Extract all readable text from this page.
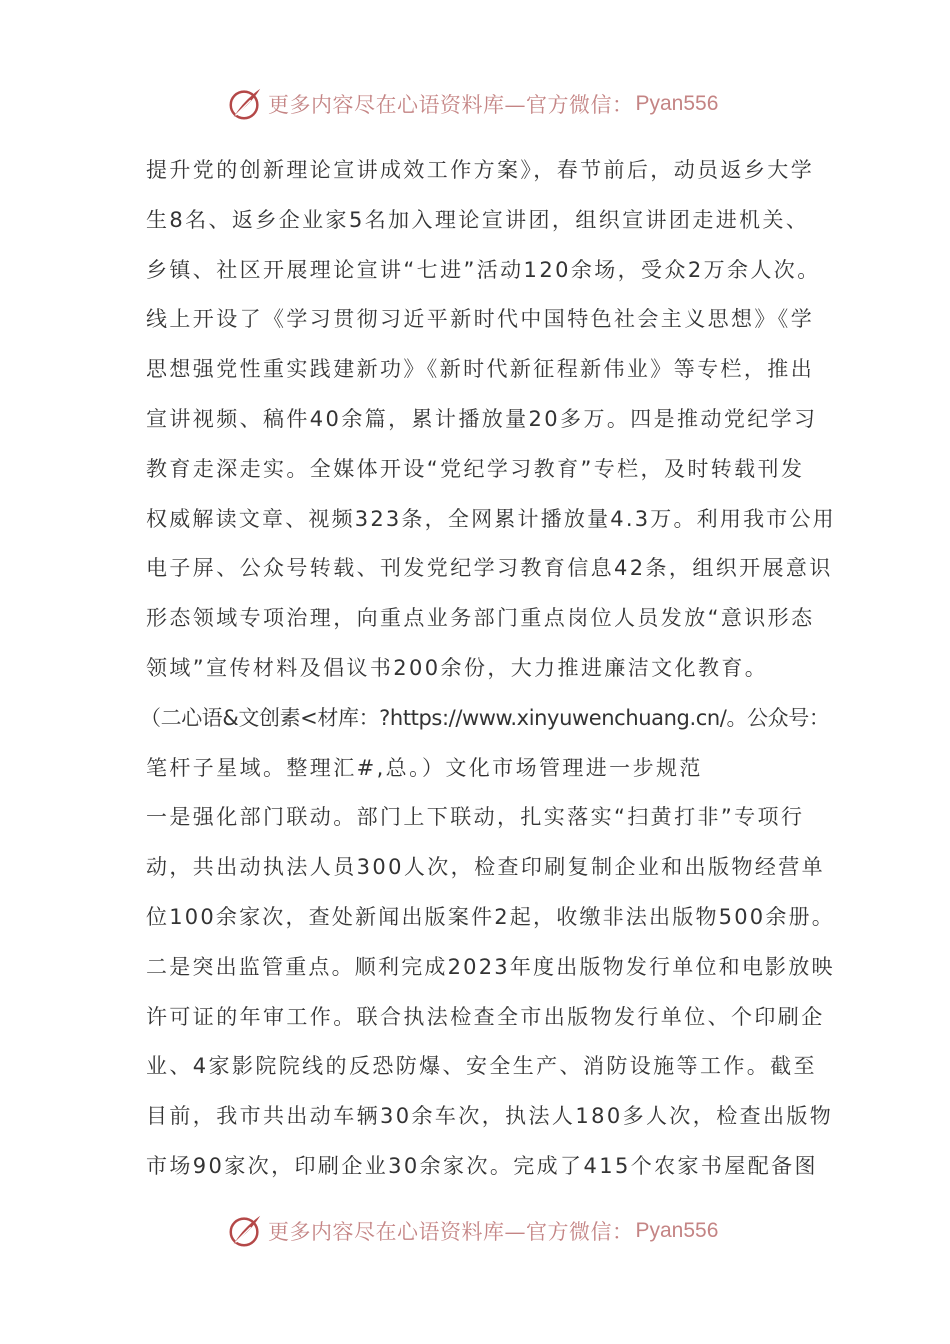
更多内容尽在心语资料库—官方微信： Pyan556
提升党的创新理论宣讲成效工作方案》，春节前后，动员返乡大学
生8名、返乡企业家5名加入理论宣讲团，组织宣讲团走进机关、
乡镇、社区开展理论宣讲“七进”活动120余场，受众2万余人次。
线上开设了《学习贯彻习近平新时代中国特色社会主义思想》《学
思想强党性重实践建新功》《新时代新征程新伟业》等专栏，推出
宣讲视频、稿件40余篇，累计播放量20多万。四是推动党纪学习
教育走深走实。全媒体开设“党纪学习教育”专栏，及时转载刊发
权威解读文章、视频323条，全网累计播放量4.3万。利用我市公用
电子屏、公众号转载、刊发党纪学习教育信息42条，组织开展意识
形态领域专项治理，向重点业务部门重点岗位人员发放“意识形态
领域”宣传材料及倡议书200余份，大力推进廉洁文化教育。
（二心语&文创素<材库：?https://www.xinyuwenchuang.cn/。公众号：
笔杆子星域。整理汇#,总。）文化市场管理进一步规范
一是强化部门联动。部门上下联动，扎实落实“扫黄打非”专项行
动，共出动执法人员300人次，检查印刷复制企业和出版物经营单
位100余家次，查处新闻出版案件2起，收缴非法出版物500余册。
二是突出监管重点。顺利完成2023年度出版物发行单位和电影放映
许可证的年审工作。联合执法检查全市出版物发行单位、个印刷企
业、4家影院院线的反恐防爆、安全生产、消防设施等工作。截至
目前，我市共出动车辆30余车次，执法人180多人次，检查出版物
市场90家次，印刷企业30余家次。完成了415个农家书屋配备图
更多内容尽在心语资料库—官方微信： Pyan556
